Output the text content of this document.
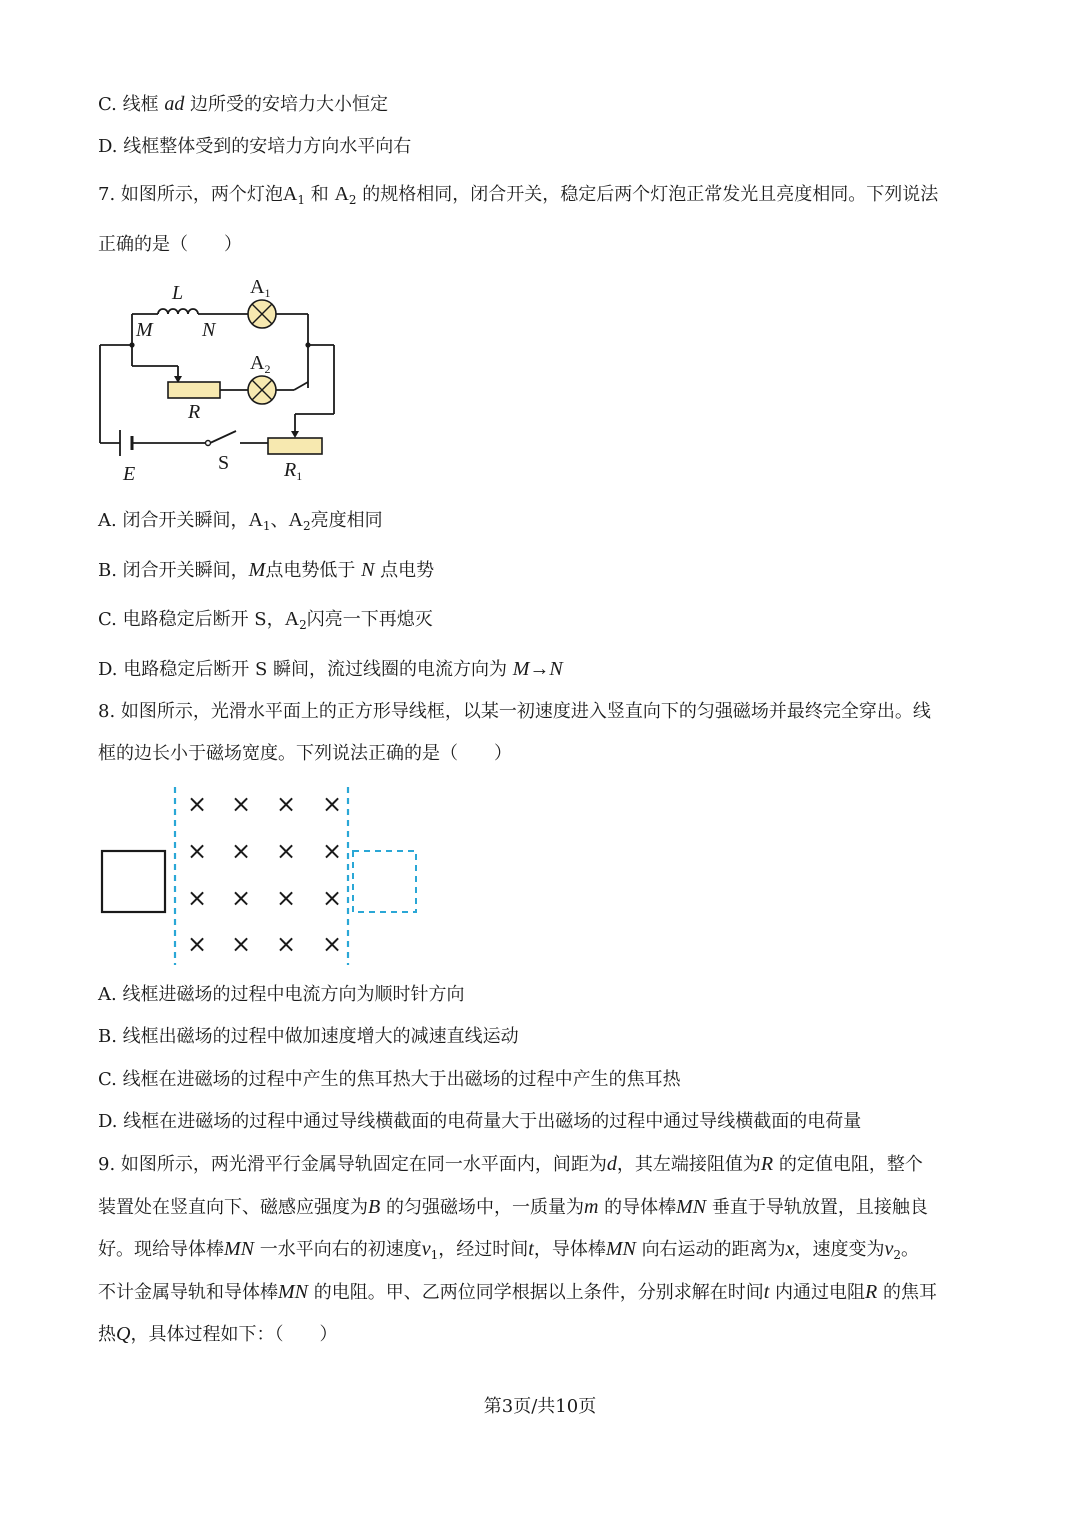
C. 线框 ad 边所受的安培力大小恒定
D. 线框整体受到的安培力方向水平向右
7. 如图所示，两个灯泡$A_1$ 和 $A_2$ 的规格相同，闭合开关，稳定后两个灯泡正常发光且亮度相同。下列说法
正确的是（　　）
L
M N
$A_1$
$A_2$
R
E	S	$R_1$
A. 闭合开关瞬间，$A_1$、$A_2$亮度相同
B. 闭合开关瞬间，M点电势低于 N 点电势
C. 电路稳定后断开 S，$A_2$闪亮一下再熄灭
D. 电路稳定后断开 S 瞬间，流过线圈的电流方向为 M→N
8. 如图所示，光滑水平面上的正方形导线框，以某一初速度进入竖直向下的匀强磁场并最终完全穿出。线
框的边长小于磁场宽度。下列说法正确的是（　　）
× × × ×
× × × ×
× × × ×
× × × ×
A. 线框进磁场的过程中电流方向为顺时针方向
B. 线框出磁场的过程中做加速度增大的减速直线运动
C. 线框在进磁场的过程中产生的焦耳热大于出磁场的过程中产生的焦耳热
D. 线框在进磁场的过程中通过导线横截面的电荷量大于出磁场的过程中通过导线横截面的电荷量
9. 如图所示，两光滑平行金属导轨固定在同一水平面内，间距为d，其左端接阻值为R 的定值电阻，整个
装置处在竖直向下、磁感应强度为B 的匀强磁场中，一质量为m 的导体棒MN 垂直于导轨放置，且接触良
好。现给导体棒MN 一水平向右的初速度$v_1$，经过时间t，导体棒MN 向右运动的距离为x，速度变为$v_2$。
不计金属导轨和导体棒MN 的电阻。甲、乙两位同学根据以上条件，分别求解在时间t 内通过电阻R 的焦耳
热Q，具体过程如下：（　　）
第3页/共10页
